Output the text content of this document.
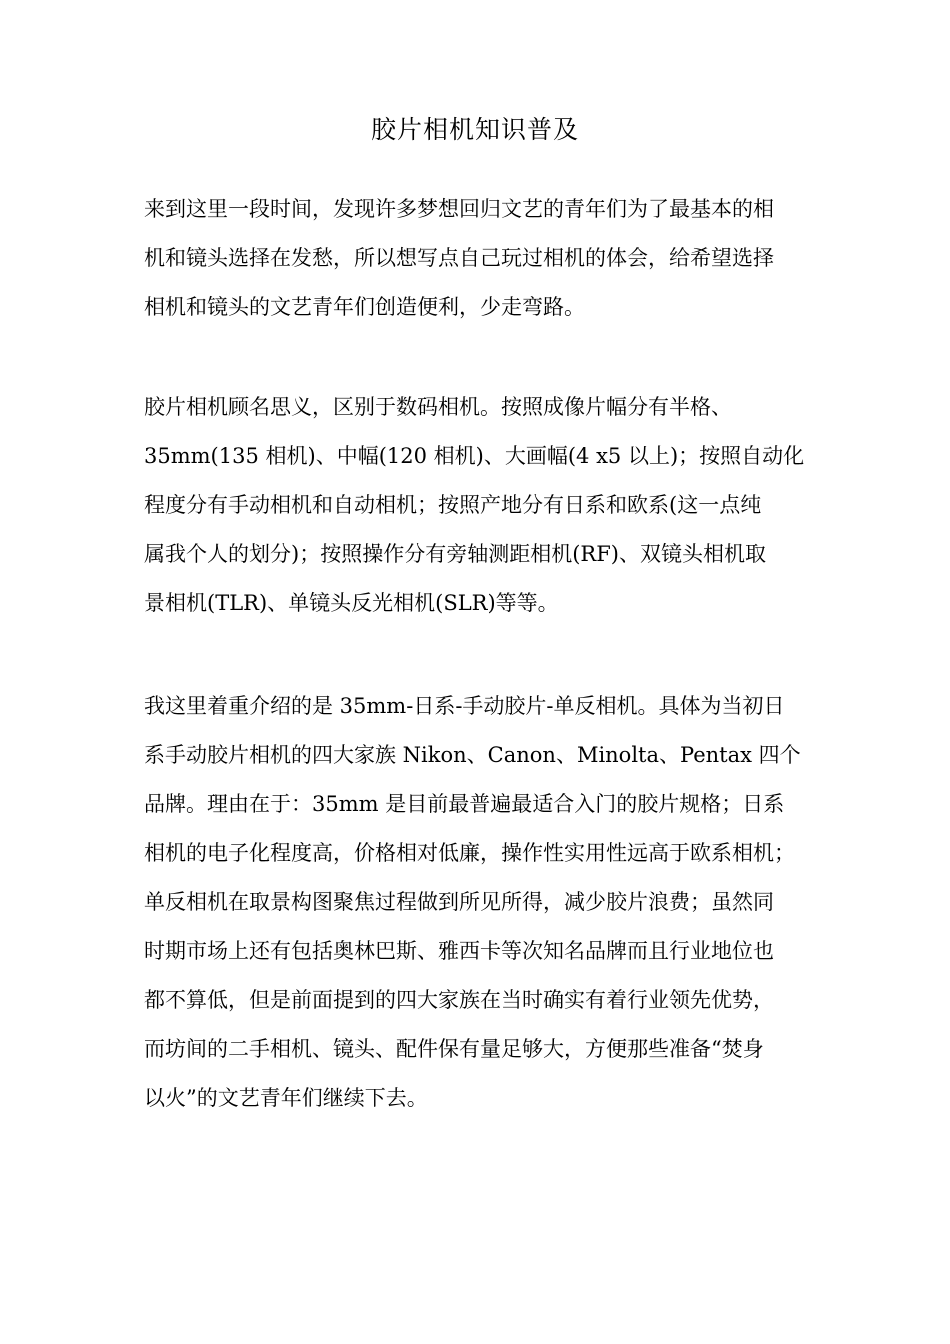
胶片相机知识普及

来到这里一段时间，发现许多梦想回归文艺的青年们为了最基本的相
机和镜头选择在发愁，所以想写点自己玩过相机的体会，给希望选择
相机和镜头的文艺青年们创造便利，少走弯路。

胶片相机顾名思义，区别于数码相机。按照成像片幅分有半格、
35mm(135 相机)、中幅(120 相机)、大画幅(4 x5 以上)；按照自动化
程度分有手动相机和自动相机；按照产地分有日系和欧系(这一点纯
属我个人的划分)；按照操作分有旁轴测距相机(RF)、双镜头相机取
景相机(TLR)、单镜头反光相机(SLR)等等。

我这里着重介绍的是 35mm-日系-手动胶片-单反相机。具体为当初日
系手动胶片相机的四大家族 Nikon、Canon、Minolta、Pentax 四个
品牌。理由在于：35mm 是目前最普遍最适合入门的胶片规格；日系
相机的电子化程度高，价格相对低廉，操作性实用性远高于欧系相机；
单反相机在取景构图聚焦过程做到所见所得，减少胶片浪费；虽然同
时期市场上还有包括奥林巴斯、雅西卡等次知名品牌而且行业地位也
都不算低，但是前面提到的四大家族在当时确实有着行业领先优势，
而坊间的二手相机、镜头、配件保有量足够大，方便那些准备“焚身
以火”的文艺青年们继续下去。
